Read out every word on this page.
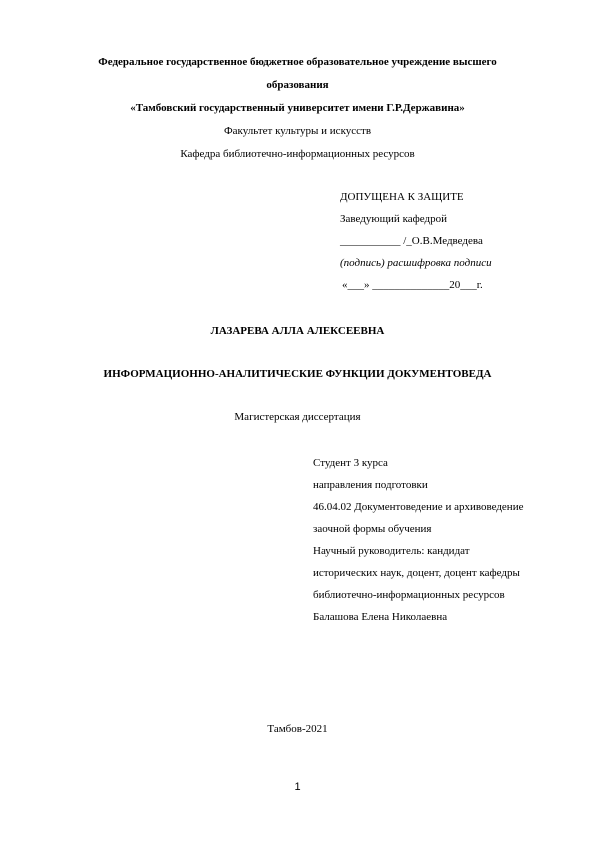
Федеральное государственное бюджетное образовательное учреждение высшего
образования
«Тамбовский государственный университет имени Г.Р.Державина»
Факультет культуры и искусств
Кафедра библиотечно-информационных ресурсов
ДОПУЩЕНА К ЗАЩИТЕ
Заведующий кафедрой
___________ /_О.В.Медведева
(подпись) расшифровка подписи
«___» ______________20___г.
ЛАЗАРЕВА АЛЛА АЛЕКСЕЕВНА
ИНФОРМАЦИОННО-АНАЛИТИЧЕСКИЕ ФУНКЦИИ ДОКУМЕНТОВЕДА
Магистерская диссертация
Студент 3 курса
направления подготовки
46.04.02 Документоведение и архивоведение
заочной формы обучения
Научный руководитель: кандидат
исторических наук, доцент, доцент кафедры
библиотечно-информационных ресурсов
Балашова Елена Николаевна
Тамбов-2021
1
